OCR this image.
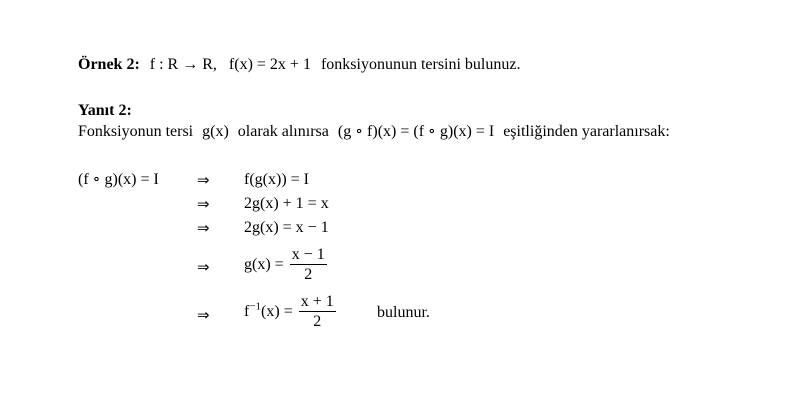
Örnek 2: f : R → R, f(x) = 2x + 1 fonksiyonunun tersini bulunuz.
Yanıt 2:
Fonksiyonun tersi g(x) olarak alınırsa (g ∘ f)(x) = (f ∘ g)(x) = I eşitliğinden yararlanırsak:
(f ∘ g)(x) = I	⇒ f(g(x)) = I
⇒ 2g(x) + 1 = x
⇒ 2g(x) = x − 1
⇒ $g(x) = \frac{x - 1}{2}$
⇒ $f^{-1}(x) = \frac{x + 1}{2}$	bulunur.
